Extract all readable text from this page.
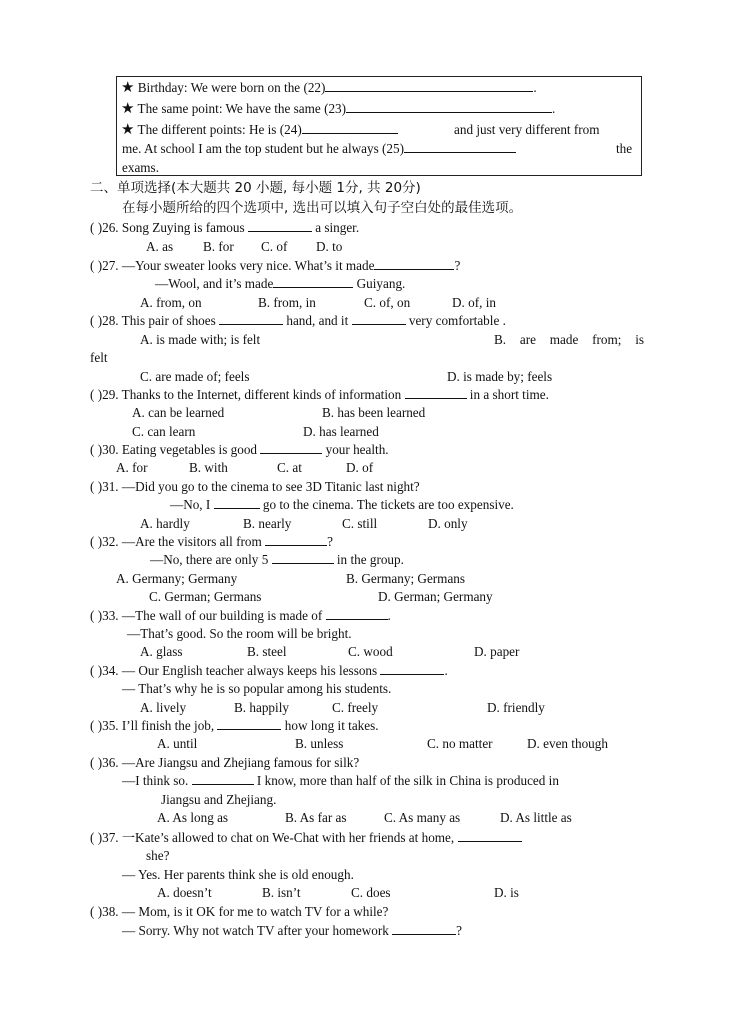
★ Birthday: We were born on the (22)	.
★ The same point: We have the same (23)	.
★ The different points: He is (24)	and just very different from
me. At school I am the top student but he always (25)	the
exams.
二、单项选择(本大题共 20 小题, 每小题 1分, 共 20分)
在每小题所给的四个选项中, 选出可以填入句子空白处的最佳选项。
( )26. Song Zuying is famous	a singer.
A. as B. for C. of D. to
( )27. —Your sweater looks very nice. What’s it made	?
—Wool, and it’s made	Guiyang.
A. from, on	B. from, in	C. of, on	D. of, in
( )28. This pair of shoes	hand, and it	very comfortable .
A. is made with; is felt	B. are made from; is
felt
C. are made of; feels	D. is made by; feels
( )29. Thanks to the Internet, different kinds of information	in a short time.
A. can be learned	B. has been learned
C. can learn	D. has learned
( )30. Eating vegetables is good	your health.
A. for	B. with	C. at	D. of
( )31. —Did you go to the cinema to see 3D Titanic last night?
—No, I	go to the cinema. The tickets are too expensive.
A. hardly	B. nearly	C. still	D. only
( )32. —Are the visitors all from	?
—No, there are only 5	in the group.
A. Germany; Germany	B. Germany; Germans
C. German; Germans	D. German; Germany
( )33. —The wall of our building is made of	.
—That’s good. So the room will be bright.
A. glass	B. steel	C. wood	D. paper
( )34. — Our English teacher always keeps his lessons	.
— That’s why he is so popular among his students.
A. lively	B. happily	C. freely	D. friendly
( )35. I’ll finish the job,	how long it takes.
A. until	B. unless	C. no matter	D. even though
( )36. —Are Jiangsu and Zhejiang famous for silk?
—I think so.	I know, more than half of the silk in China is produced in
Jiangsu and Zhejiang.
A. As long as	B. As far as	C. As many as	D. As little as
( )37. 一Kate’s allowed to chat on We-Chat with her friends at home,
she?
— Yes. Her parents think she is old enough.
A. doesn’t	B. isn’t	C. does	D. is
( )38. — Mom, is it OK for me to watch TV for a while?
— Sorry. Why not watch TV after your homework	?
